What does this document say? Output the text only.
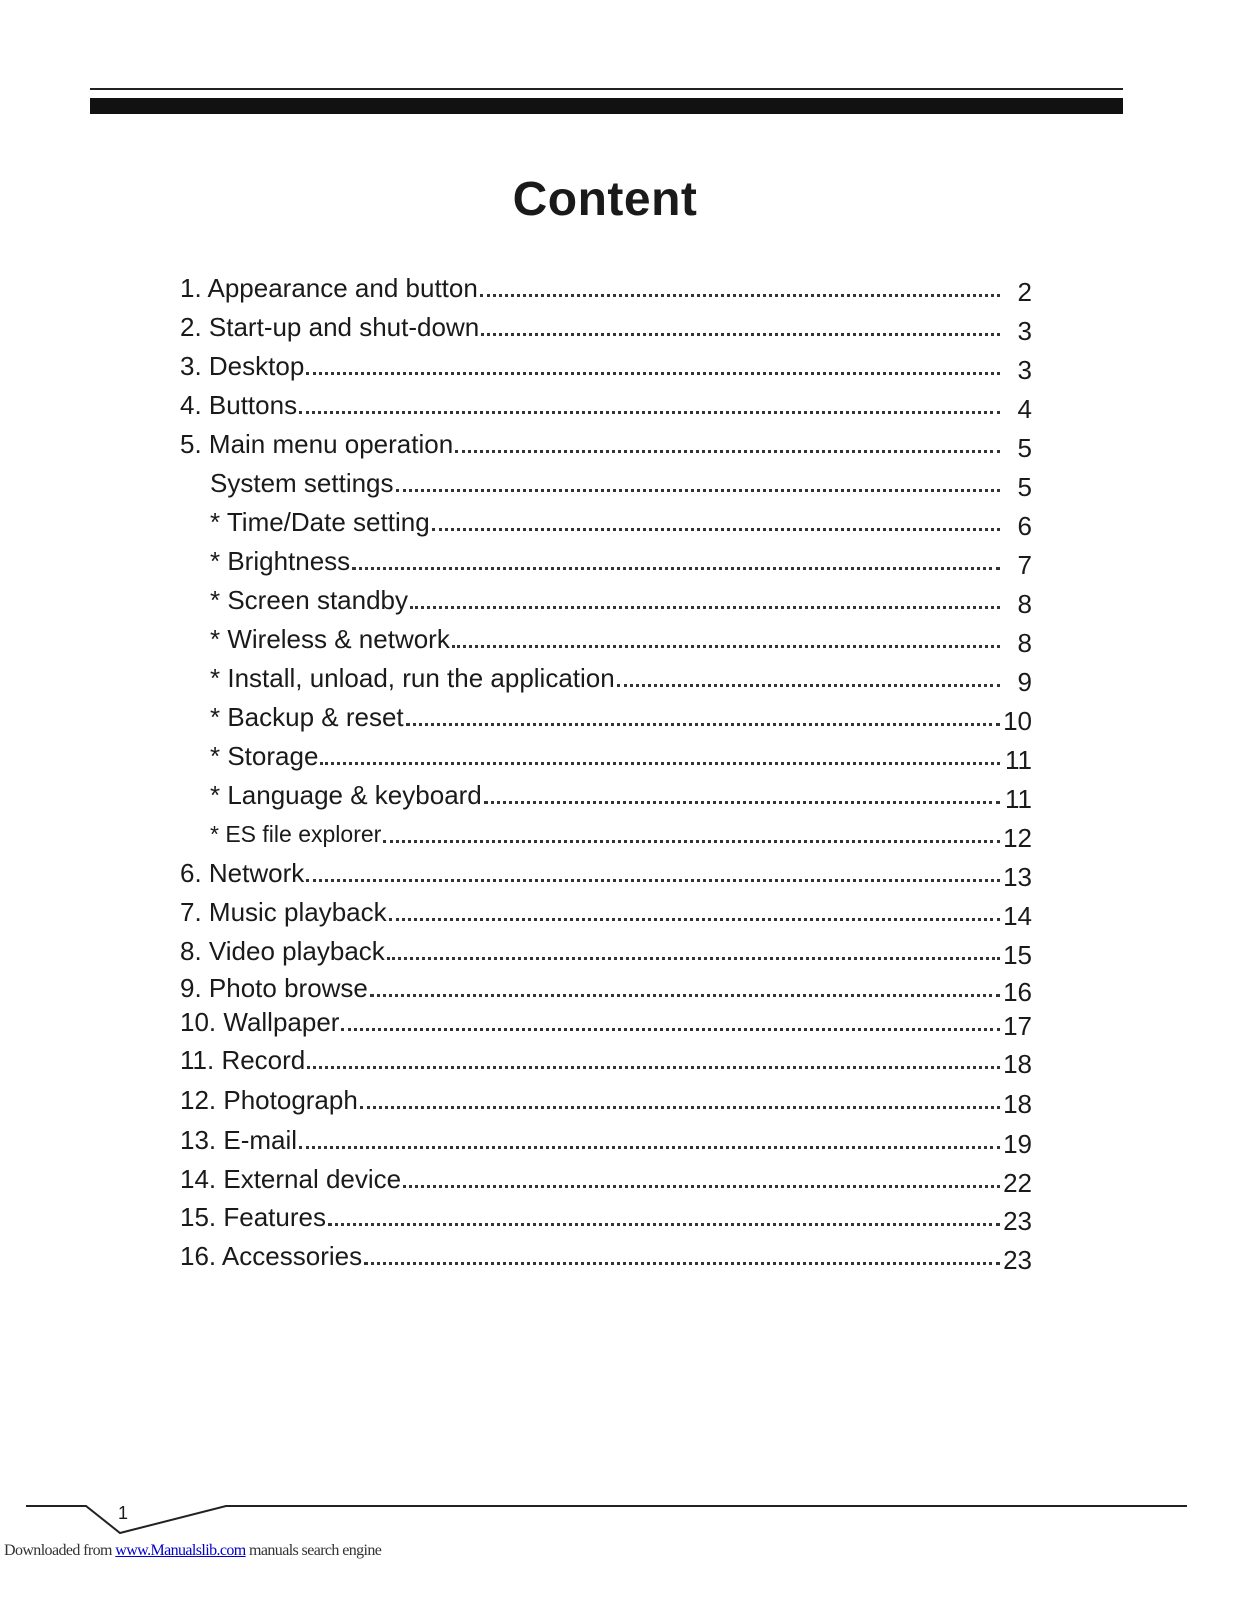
Content
1. Appearance and button	2
2. Start-up and shut-down	3
3. Desktop	3
4. Buttons	4
5. Main menu operation	5
System settings	5
* Time/Date setting	6
* Brightness	7
* Screen standby	8
* Wireless & network	8
* Install, unload, run the application	9
* Backup & reset	10
* Storage	11
* Language & keyboard	11
* ES file explorer	12
6. Network	13
7. Music playback	14
8. Video playback	15
9. Photo browse	16
10. Wallpaper	17
11. Record	18
12. Photograph	18
13. E-mail	19
14. External device	22
15. Features	23
16. Accessories	23
1
Downloaded from www.Manualslib.com manuals search engine
